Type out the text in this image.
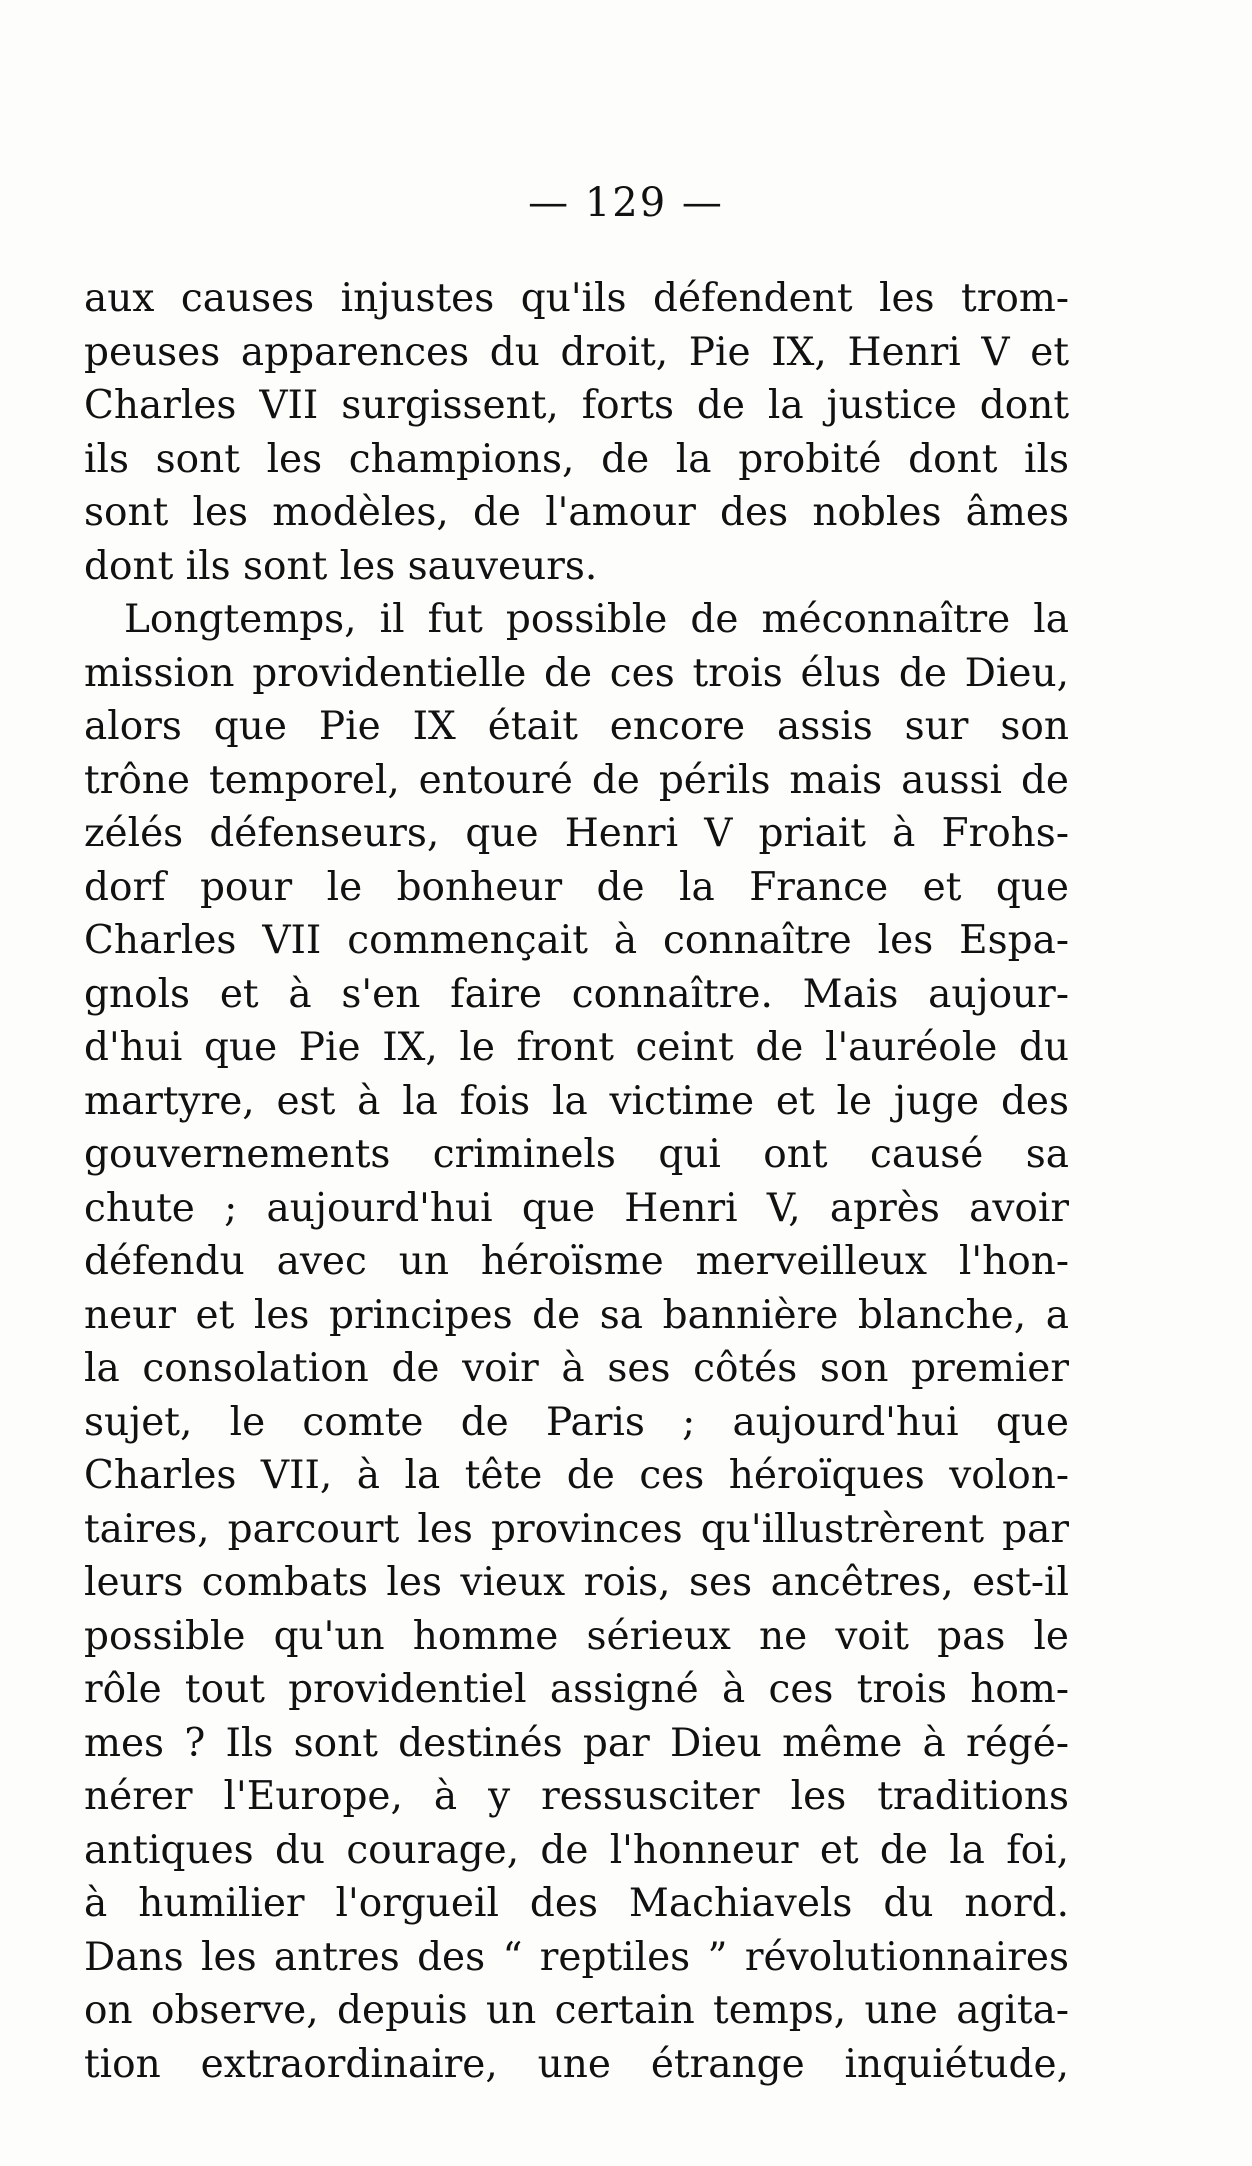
— 129 —
aux causes injustes qu'ils défendent les trom-
peuses apparences du droit, Pie IX, Henri V et
Charles VII surgissent, forts de la justice dont
ils sont les champions, de la probité dont ils
sont les modèles, de l'amour des nobles âmes
dont ils sont les sauveurs.
Longtemps, il fut possible de méconnaître la
mission providentielle de ces trois élus de Dieu,
alors que Pie IX était encore assis sur son
trône temporel, entouré de périls mais aussi de
zélés défenseurs, que Henri V priait à Frohs-
dorf pour le bonheur de la France et que
Charles VII commençait à connaître les Espa-
gnols et à s'en faire connaître. Mais aujour-
d'hui que Pie IX, le front ceint de l'auréole du
martyre, est à la fois la victime et le juge des
gouvernements criminels qui ont causé sa
chute ; aujourd'hui que Henri V, après avoir
défendu avec un héroïsme merveilleux l'hon-
neur et les principes de sa bannière blanche, a
la consolation de voir à ses côtés son premier
sujet, le comte de Paris ; aujourd'hui que
Charles VII, à la tête de ces héroïques volon-
taires, parcourt les provinces qu'illustrèrent par
leurs combats les vieux rois, ses ancêtres, est-il
possible qu'un homme sérieux ne voit pas le
rôle tout providentiel assigné à ces trois hom-
mes ? Ils sont destinés par Dieu même à régé-
nérer l'Europe, à y ressusciter les traditions
antiques du courage, de l'honneur et de la foi,
à humilier l'orgueil des Machiavels du nord.
Dans les antres des “ reptiles ” révolutionnaires
on observe, depuis un certain temps, une agita-
tion extraordinaire, une étrange inquiétude,
